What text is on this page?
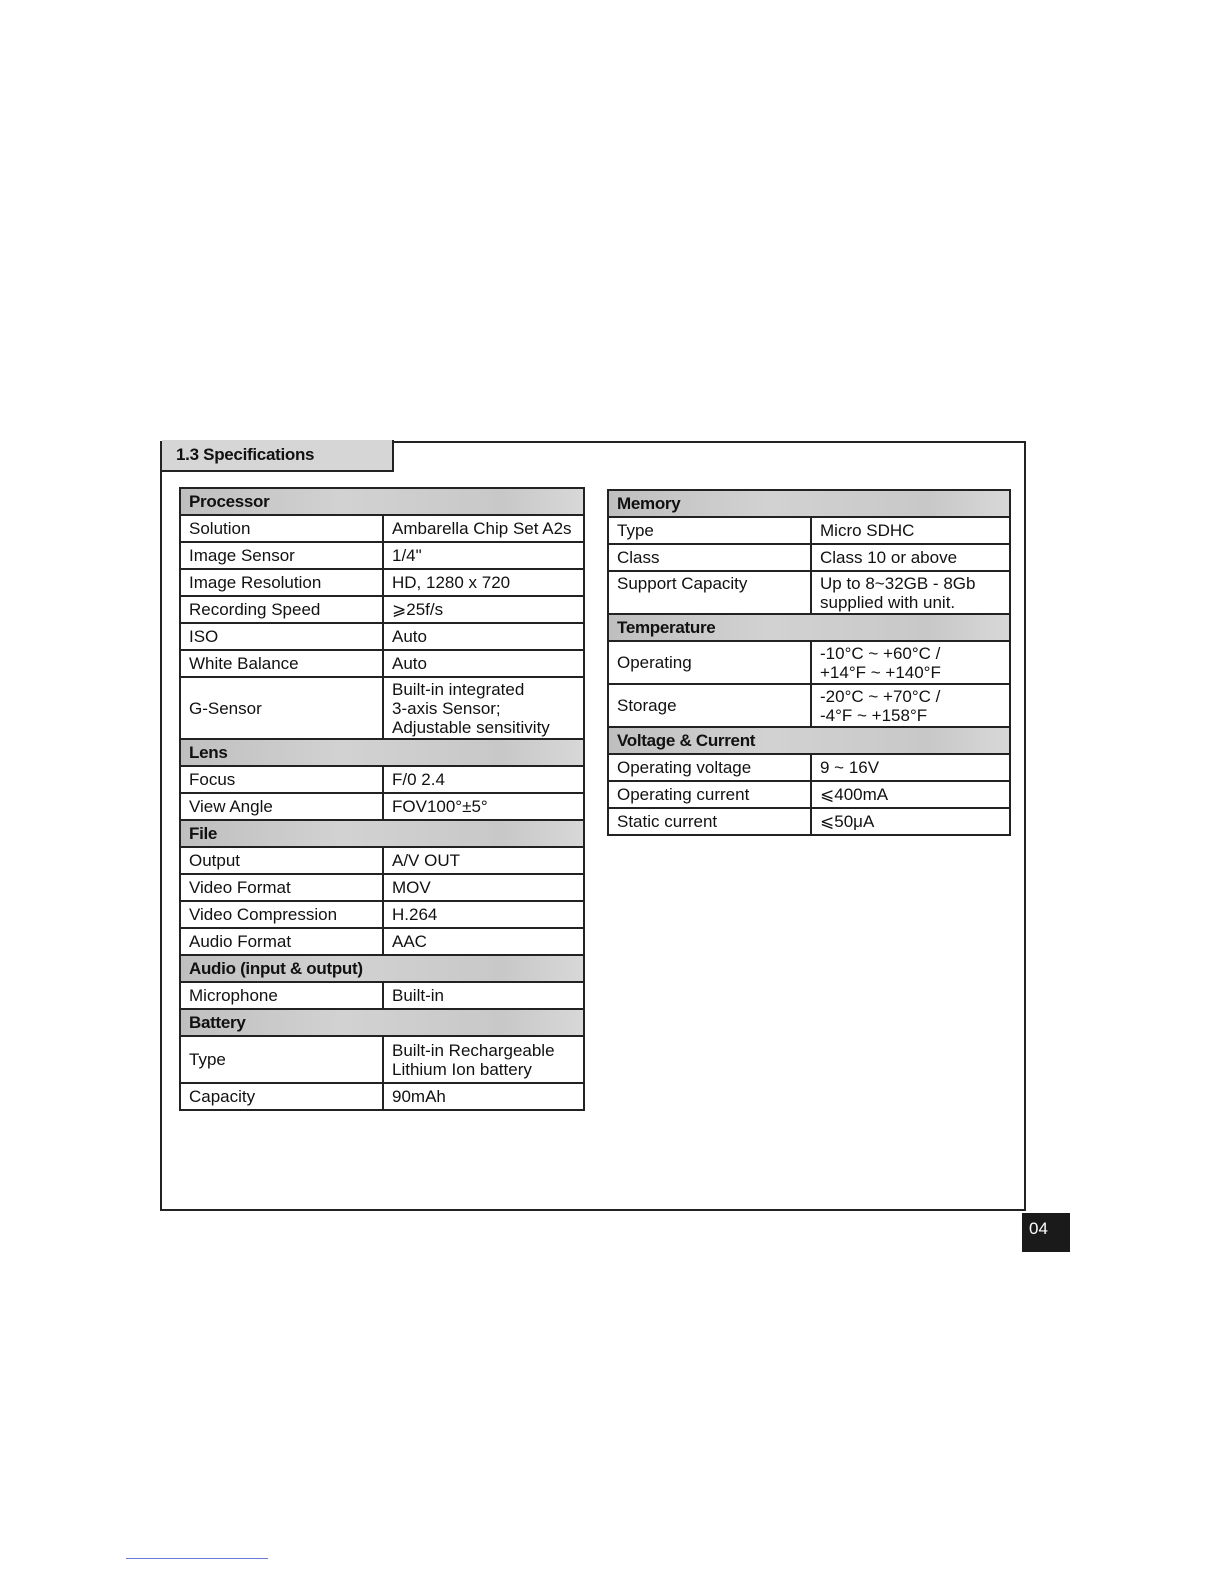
1.3 Specifications
Processor	
Solution	Ambarella Chip Set A2s
Image Sensor	1/4"
Image Resolution	HD, 1280 x 720
Recording Speed	⩾25f/s
ISO	Auto
White Balance	Auto
G-Sensor	Built-in integrated
3-axis Sensor;
Adjustable sensitivity
Lens	
Focus	F/0 2.4
View Angle	FOV100°±5°
File	
Output	A/V OUT
Video Format	MOV
Video Compression	H.264
Audio Format	AAC
Audio (input & output)	
Microphone	Built-in
Battery	
Type	Built-in Rechargeable
Lithium Ion battery
Capacity	90mAh
Memory	
Type	Micro SDHC
Class	Class 10 or above
Support Capacity	Up to 8~32GB - 8Gb
supplied with unit.
Temperature	
Operating	-10°C ~ +60°C /
+14°F ~ +140°F
Storage	-20°C ~ +70°C /
-4°F ~ +158°F
Voltage & Current	
Operating voltage	9 ~ 16V
Operating current	⩽400mA
Static current	⩽50μA
04
